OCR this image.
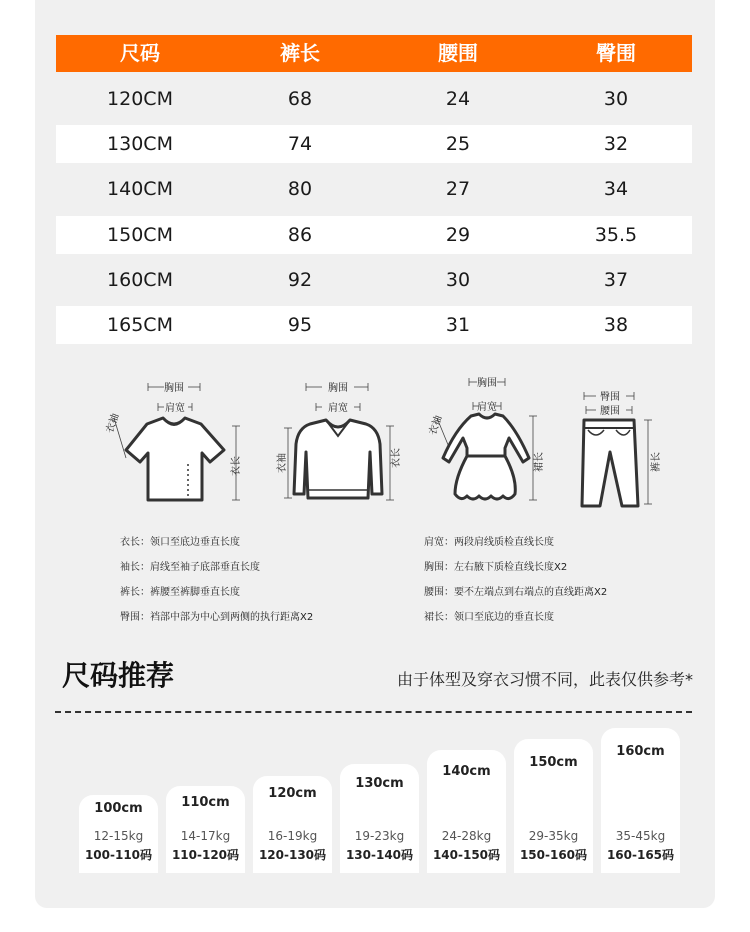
尺码	裤长	腰围	臀围
120CM	68	24	30
130CM	74	25	32
140CM	80	27	34
150CM	86	29	35.5
160CM	92	30	37
165CM	95	31	38
胸围
肩宽
衣袖
衣长
胸围
肩宽
衣袖	衣长
胸围
肩宽
衣袖
裙长
臀围
腰围
裤长
衣长：领口至底边垂直长度
袖长：肩线至袖子底部垂直长度
裤长：裤腰至裤脚垂直长度
臀围：裆部中部为中心到两侧的执行距离X2
肩宽：两段肩线质检直线长度
胸围：左右腋下质检直线长度X2
腰围：要不左端点到右端点的直线距离X2
裙长：领口至底边的垂直长度
尺码推荐	由于体型及穿衣习惯不同，此表仅供参考*
100cm
12-15kg
100-110码
110cm
14-17kg
110-120码
120cm
16-19kg
120-130码
130cm
19-23kg
130-140码
140cm
24-28kg
140-150码
150cm
29-35kg
150-160码
160cm
35-45kg
160-165码
